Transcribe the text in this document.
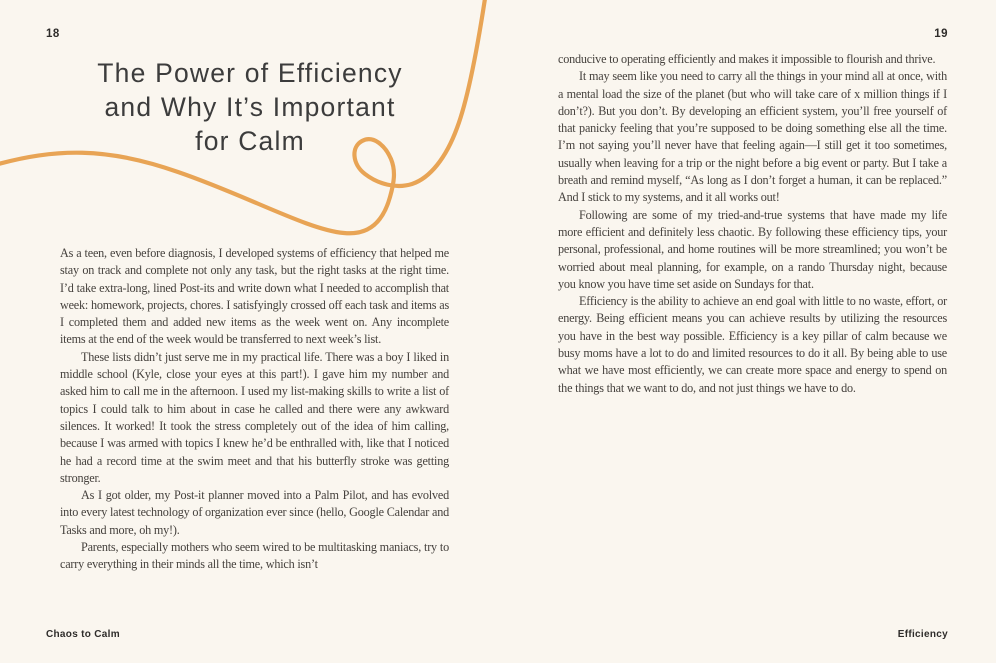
18
The Power of Efficiency
and Why It’s Important
for Calm

As a teen, even before diagnosis, I developed systems of efficiency that helped me stay on track and complete not only any task, but the right tasks at the right time. I’d take extra-long, lined Post-its and write down what I needed to accomplish that week: homework, projects, chores. I satisfyingly crossed off each task and items as I completed them and added new items as the week went on. Any incomplete items at the end of the week would be transferred to next week’s list.

These lists didn’t just serve me in my practical life. There was a boy I liked in middle school (Kyle, close your eyes at this part!). I gave him my number and asked him to call me in the afternoon. I used my list-making skills to write a list of topics I could talk to him about in case he called and there were any awkward silences. It worked! It took the stress completely out of the idea of him calling, because I was armed with topics I knew he’d be enthralled with, like that I noticed he had a record time at the swim meet and that his butterfly stroke was getting stronger.

As I got older, my Post-it planner moved into a Palm Pilot, and has evolved into every latest technology of organization ever since (hello, Google Calendar and Tasks and more, oh my!).

Parents, especially mothers who seem wired to be multitasking maniacs, try to carry everything in their minds all the time, which isn’t

Chaos to Calm
19

conducive to operating efficiently and makes it impossible to flourish and thrive.

It may seem like you need to carry all the things in your mind all at once, with a mental load the size of the planet (but who will take care of x million things if I don’t?). But you don’t. By developing an efficient system, you’ll free yourself of that panicky feeling that you’re supposed to be doing something else all the time. I’m not saying you’ll never have that feeling again—I still get it too sometimes, usually when leaving for a trip or the night before a big event or party. But I take a breath and remind myself, “As long as I don’t forget a human, it can be replaced.” And I stick to my systems, and it all works out!

Following are some of my tried-and-true systems that have made my life more efficient and definitely less chaotic. By following these efficiency tips, your personal, professional, and home routines will be more streamlined; you won’t be worried about meal planning, for example, on a rando Thursday night, because you know you have time set aside on Sundays for that.

Efficiency is the ability to achieve an end goal with little to no waste, effort, or energy. Being efficient means you can achieve results by utilizing the resources you have in the best way possible. Efficiency is a key pillar of calm because we busy moms have a lot to do and limited resources to do it all. By being able to use what we have most efficiently, we can create more space and energy to spend on the things that we want to do, and not just things we have to do.

Efficiency
